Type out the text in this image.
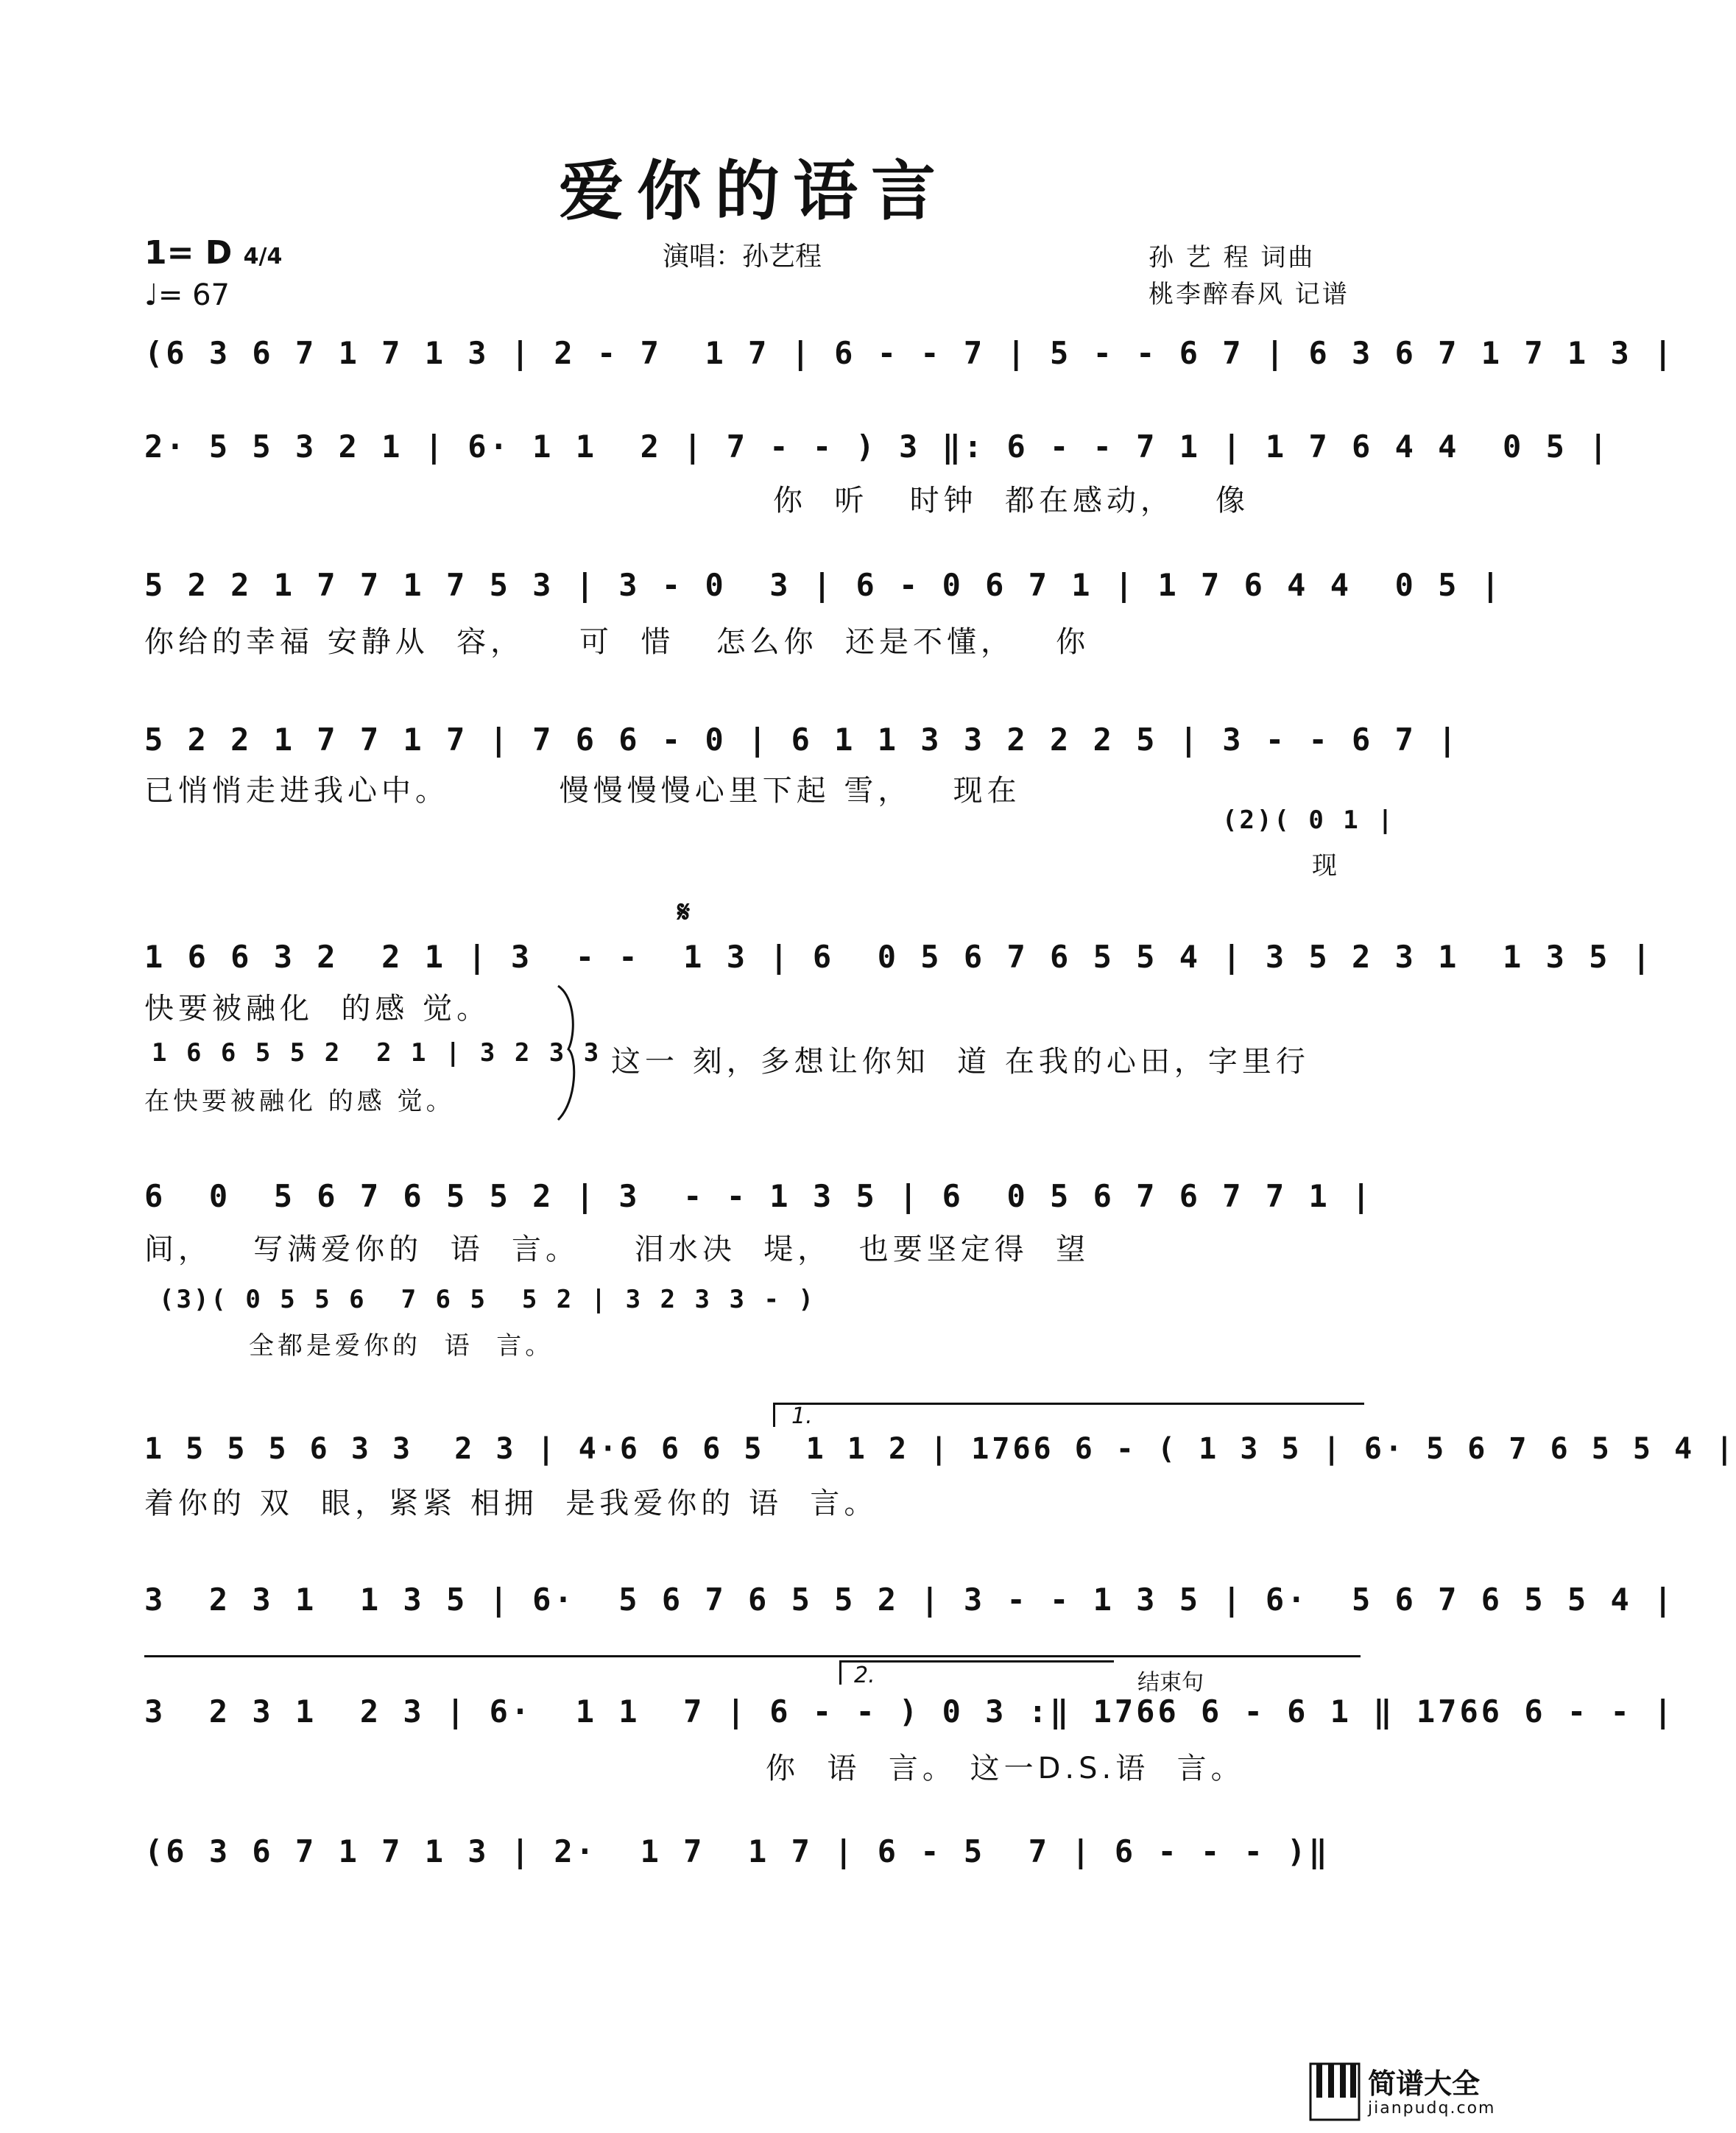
爱你的语言
1= D 4/4
♩= 67
演唱：孙艺程	孙 艺 程 词曲
桃李醉春风 记谱
(6 3 6 7 1 7 1 3 | 2 - 7  1 7 | 6 - - 7 | 5 - - 6 7 | 6 3 6 7 1 7 1 3 |
2· 5 5 3 2 1 | 6· 1 1  2 | 7 - - ) 3 ‖: 6 - - 7 1 | 1 7 6 4 4  0 5 |
你  听   时钟  都在感动，   像
5 2 2 1 7 7 1 7 5 3 | 3 - 0  3 | 6 - 0 6 7 1 | 1 7 6 4 4  0 5 |
你给的幸福 安静从  容，    可  惜   怎么你  还是不懂，   你
5 2 2 1 7 7 1 7 | 7 6 6 - 0 | 6 1 1 3 3 2 2 2 5 | 3 - - 6 7 |
已悄悄走进我心中。        慢慢慢慢心里下起 雪，   现在
(2)( 0 1 |
现
𝄋
1 6 6 3 2  2 1 | 3  - -  1 3 | 6  0 5 6 7 6 5 5 4 | 3 5 2 3 1  1 3 5 |
快要被融化  的感 觉。
1 6 6 5 5 2  2 1 | 3 2 3 3
在快要被融化 的感 觉。
这一 刻，多想让你知  道 在我的心田，字里行
6  0  5 6 7 6 5 5 2 | 3  - - 1 3 5 | 6  0 5 6 7 6 7 7 1 |
间，   写满爱你的  语  言。    泪水决  堤，  也要坚定得  望
(3)( 0 5 5 6  7 6 5  5 2 | 3 2 3 3 - )
全都是爱你的  语  言。
1.
1 5 5 5 6 3 3  2 3 | 4·6 6 6 5  1 1 2 | 1766 6 - ( 1 3 5 | 6· 5 6 7 6 5 5 4 |
着你的 双  眼，紧紧 相拥  是我爱你的 语  言。
3  2 3 1  1 3 5 | 6·  5 6 7 6 5 5 2 | 3 - - 1 3 5 | 6·  5 6 7 6 5 5 4 |
2.	结束句
3  2 3 1  2 3 | 6·  1 1  7 | 6 - - ) 0 3 :‖ 1766 6 - 6 1 ‖ 1766 6 - - |
你  语  言。 这一D.S.语  言。
(6 3 6 7 1 7 1 3 | 2·  1 7  1 7 | 6 - 5  7 | 6 - - - )‖
简谱大全
jianpudq.com
